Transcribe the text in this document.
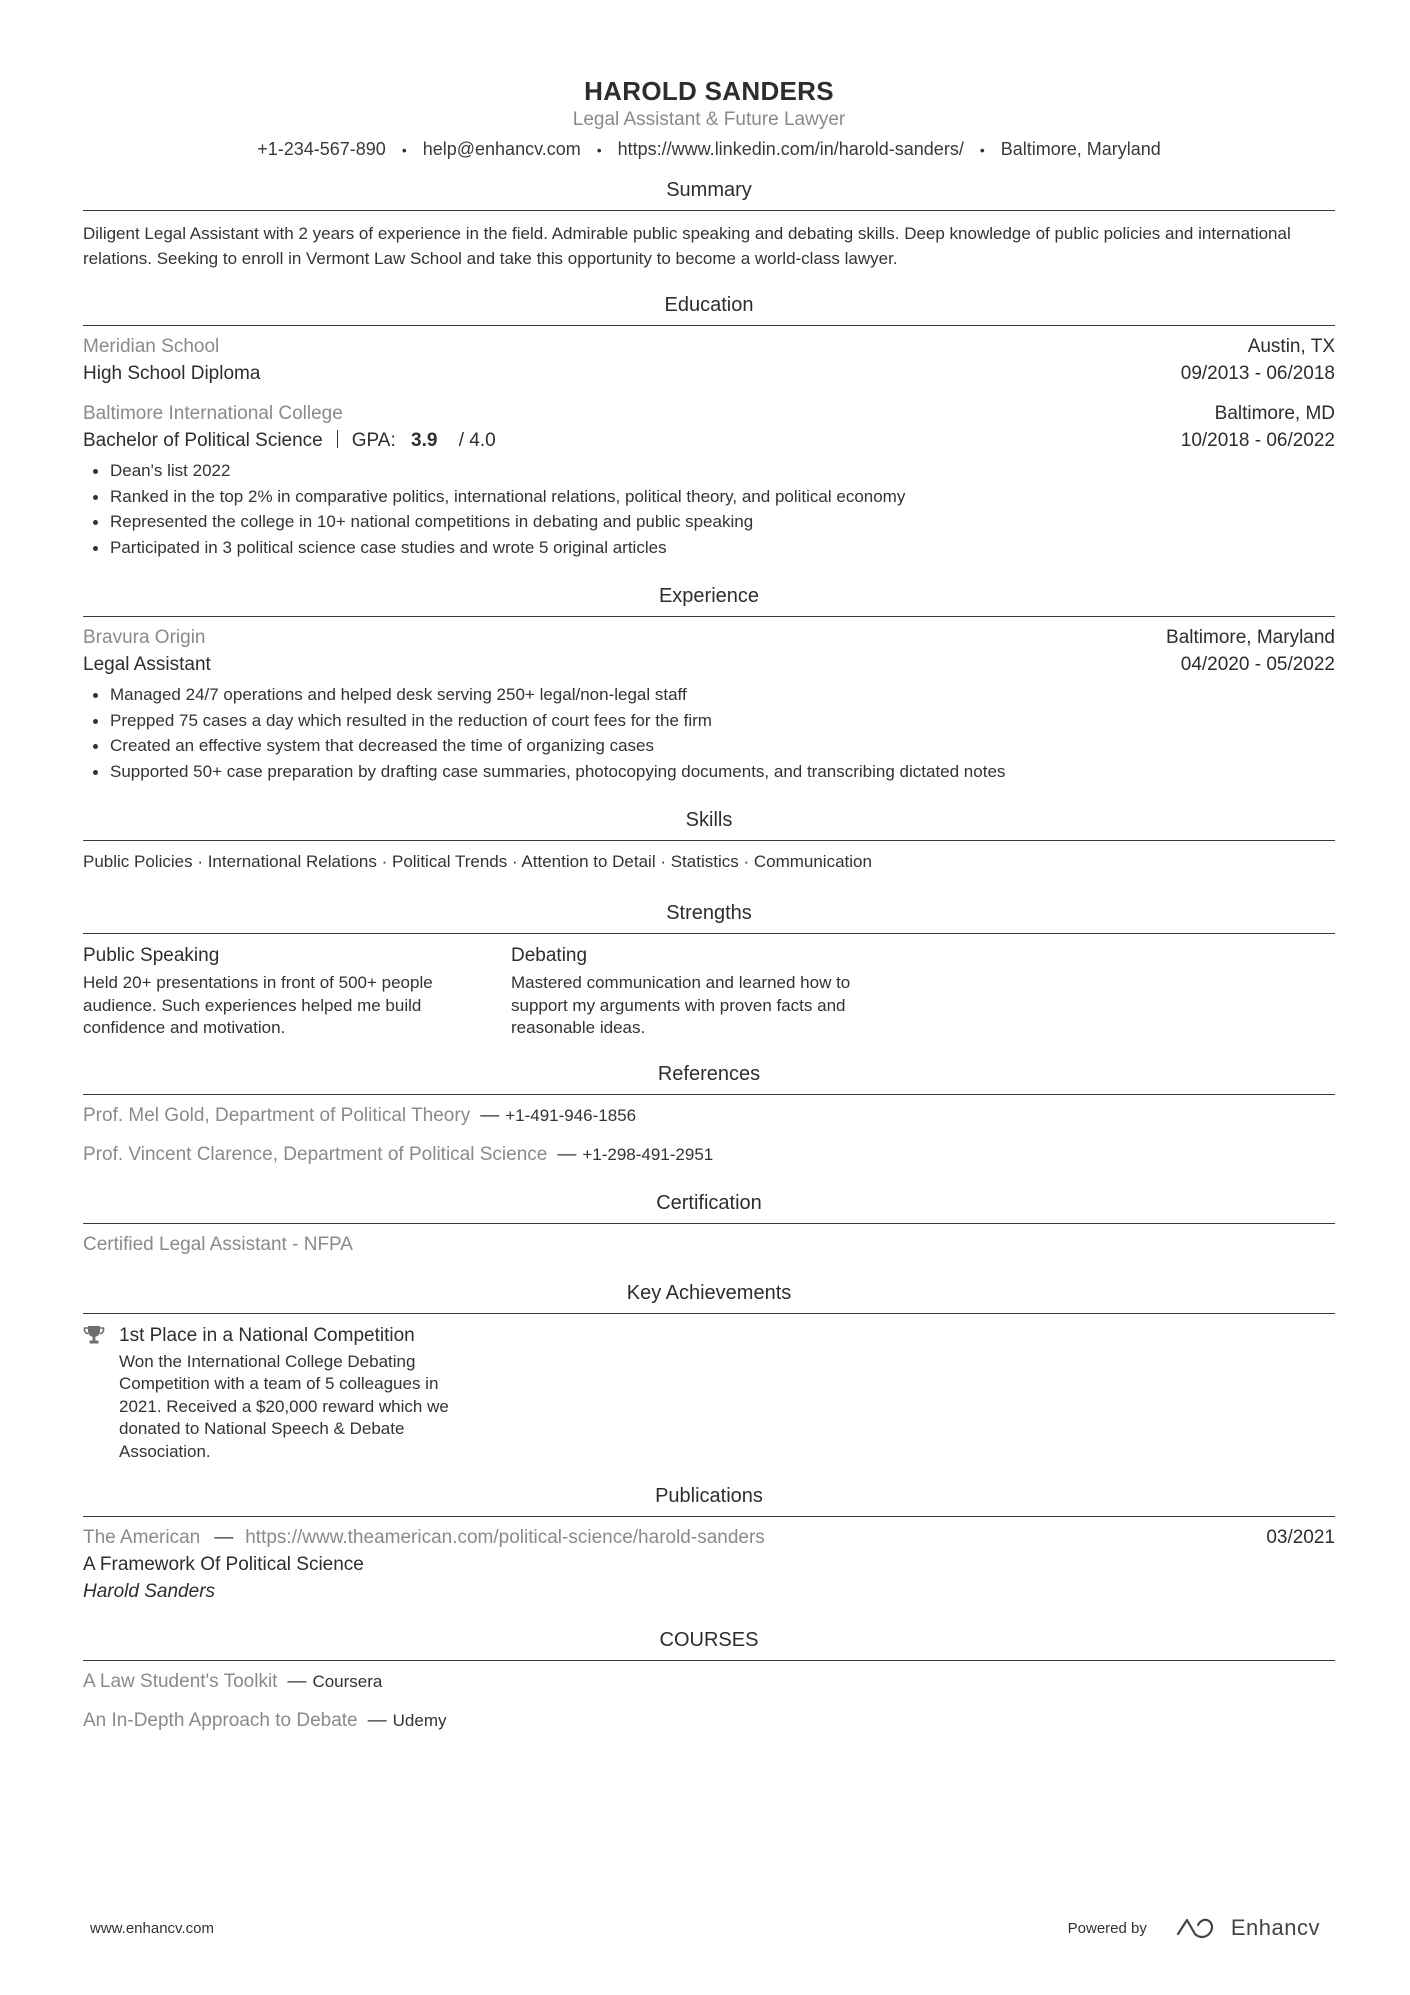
HAROLD SANDERS
Legal Assistant & Future Lawyer
+1-234-567-890 • help@enhancv.com • https://www.linkedin.com/in/harold-sanders/ • Baltimore, Maryland
Summary
Diligent Legal Assistant with 2 years of experience in the field. Admirable public speaking and debating skills. Deep knowledge of public policies and international relations. Seeking to enroll in Vermont Law School and take this opportunity to become a world-class lawyer.
Education
Meridian School	Austin, TX
High School Diploma	09/2013 - 06/2018
Baltimore International College	Baltimore, MD
Bachelor of Political Science GPA: 3.9 / 4.0	10/2018 - 06/2022
Dean's list 2022
Ranked in the top 2% in comparative politics, international relations, political theory, and political economy
Represented the college in 10+ national competitions in debating and public speaking
Participated in 3 political science case studies and wrote 5 original articles
Experience
Bravura Origin	Baltimore, Maryland
Legal Assistant	04/2020 - 05/2022
Managed 24/7 operations and helped desk serving 250+ legal/non-legal staff
Prepped 75 cases a day which resulted in the reduction of court fees for the firm
Created an effective system that decreased the time of organizing cases
Supported 50+ case preparation by drafting case summaries, photocopying documents, and transcribing dictated notes
Skills
Public Policies · International Relations · Political Trends · Attention to Detail · Statistics · Communication
Strengths
Public Speaking
Held 20+ presentations in front of 500+ people audience. Such experiences helped me build confidence and motivation.
Debating
Mastered communication and learned how to support my arguments with proven facts and reasonable ideas.
References
Prof. Mel Gold, Department of Political Theory — +1-491-946-1856
Prof. Vincent Clarence, Department of Political Science — +1-298-491-2951
Certification
Certified Legal Assistant - NFPA
Key Achievements
1st Place in a National Competition
Won the International College Debating Competition with a team of 5 colleagues in 2021. Received a $20,000 reward which we donated to National Speech & Debate Association.
Publications
The American — https://www.theamerican.com/political-science/harold-sanders	03/2021
A Framework Of Political Science
Harold Sanders
COURSES
A Law Student's Toolkit — Coursera
An In-Depth Approach to Debate — Udemy
www.enhancv.com	Powered by	Enhancv
